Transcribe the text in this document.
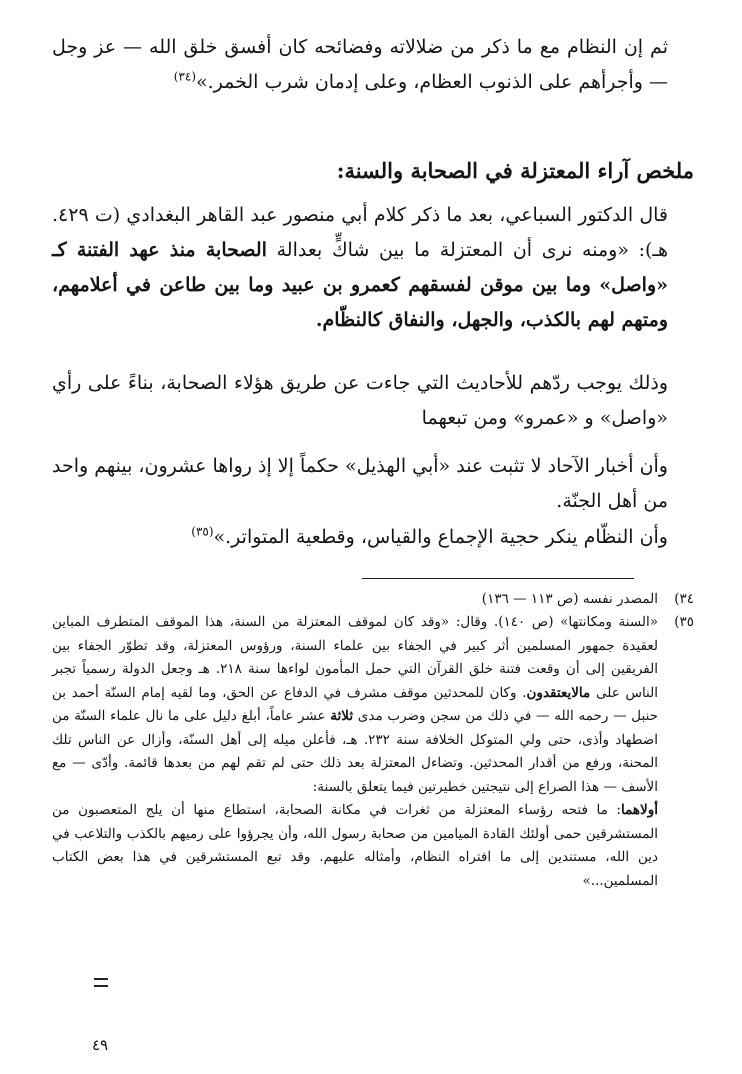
ثم إن النظام مع ما ذكر من ضلالاته وفضائحه كان أفسق خلق الله — عز وجل — وأجرأهم على الذنوب العظام، وعلى إدمان شرب الخمر.»$^{(٣٤)}$

ملخص آراء المعتزلة في الصحابة والسنة:

قال الدكتور السباعي، بعد ما ذكر كلام أبي منصور عبد القاهر البغدادي (ت ٤٢٩. هـ): «ومنه نرى أن المعتزلة ما بين شاكٍّ بعدالة الصحابة منذ عهد الفتنة كـ «واصل» وما بين موقن لفسقهم كعمرو بن عبيد وما بين طاعن في أعلامهم، ومتهم لهم بالكذب، والجهل، والنفاق كالنظّام.

وذلك يوجب ردّهم للأحاديث التي جاءت عن طريق هؤلاء الصحابة، بناءً على رأي «واصل» و «عمرو» ومن تبعهما

وأن أخبار الآحاد لا تثبت عند «أبي الهذيل» حكماً إلا إذ رواها عشرون، بينهم واحد من أهل الجنّة.

وأن النظّام ينكر حجية الإجماع والقياس، وقطعية المتواتر.»$^{(٣٥)}$

٣٤)
المصدر نفسه (ص ١١٣ — ١٣٦)
٣٥)
«السنة ومكانتها» (ص ١٤٠). وقال: «وقد كان لموقف المعتزلة من السنة، هذا الموقف المتطرف المباين لعقيدة جمهور المسلمين أثر كبير في الجفاء بين علماء السنة، ورؤوس المعتزلة، وقد تطوّر الجفاء بين الفريقين إلى أن وقعت فتنة خلق القرآن التي حمل المأمون لواءها سنة ٢١٨. هـ وجعل الدولة رسمياً تجبر الناس على مالايعتقدون. وكان للمحدثين موقف مشرف في الدفاع عن الحق، وما لقيه إمام السنّة أحمد بن حنبل — رحمه الله — في ذلك من سجن وضرب مدى ثلاثة عشر عاماً، أبلغ دليل على ما نال علماء السنّة من اضطهاد وأذى، حتى ولي المتوكل الخلافة سنة ٢٣٢. هـ، فأعلن ميله إلى أهل السنّة، وأزال عن الناس تلك المحنة، ورفع من أقدار المحدثين. وتضاءل المعتزلة بعد ذلك حتى لم تقم لهم من بعدها قائمة. وأدّى — مع الأسف — هذا الصراع إلى نتيجتين خطيرتين فيما يتعلق بالسنة:
أولاهما: ما فتحه رؤساء المعتزلة من ثغرات في مكانة الصحابة، استطاع منها أن يلج المتعصبون من المستشرقين حمى أولئك القادة الميامين من صحابة رسول الله، وأن يجرؤوا على رميهم بالكذب والتلاعب في دين الله، مستندين إلى ما افتراه النظام، وأمثاله عليهم. وقد تبع المستشرقين في هذا بعض الكتاب المسلمين...»
٤٩
